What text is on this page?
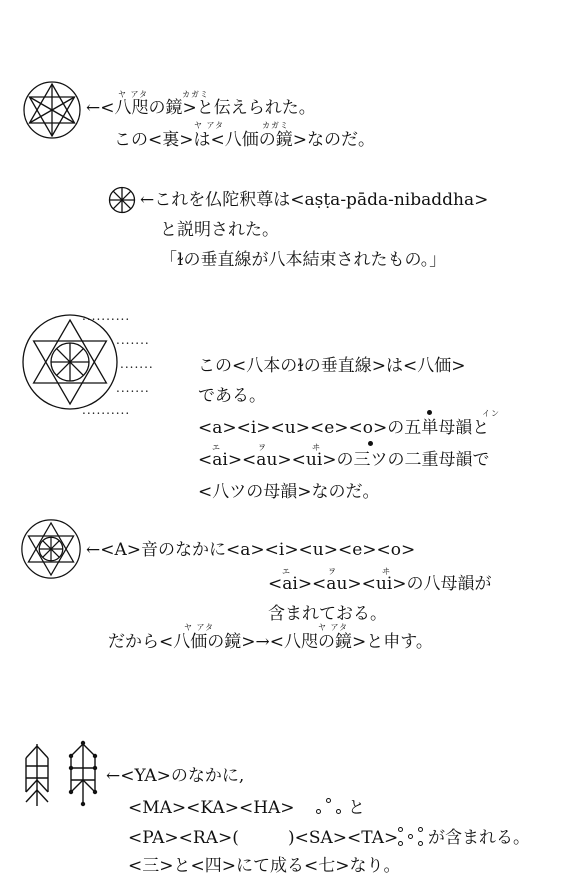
ヤ アタ	カガミ
←<八咫の鏡>と伝えられた。
ヤ アタ	カガミ
この<裏>は<八価の鏡>なのだ。
←これを仏陀釈尊は<aṣṭa-pāda-nibaddha>
と説明された。
「ɫの垂直線が八本結束されたもの。」
..........
.......
.......
.......
..........
この<八本のɫの垂直線>は<八価>
である。
イン
<a><i><u><e><o>の五単母韻と
エ	ヲ	ヰ
<ai><au><ui>の三ツの二重母韻で
<八ツの母韻>なのだ。
←<A>音のなかに<a><i><u><e><o>
エ	ヲ	ヰ
<ai><au><ui>の八母韻が
含まれておる。
ヤ アタ	ヤ アタ
だから<八価の鏡>→<八咫の鏡>と申す。
←<YA>のなかに,
<MA><KA><HA>	と
<PA><RA>(	)<SA><TA> が含まれる。
<三>と<四>にて成る<七>なり。
